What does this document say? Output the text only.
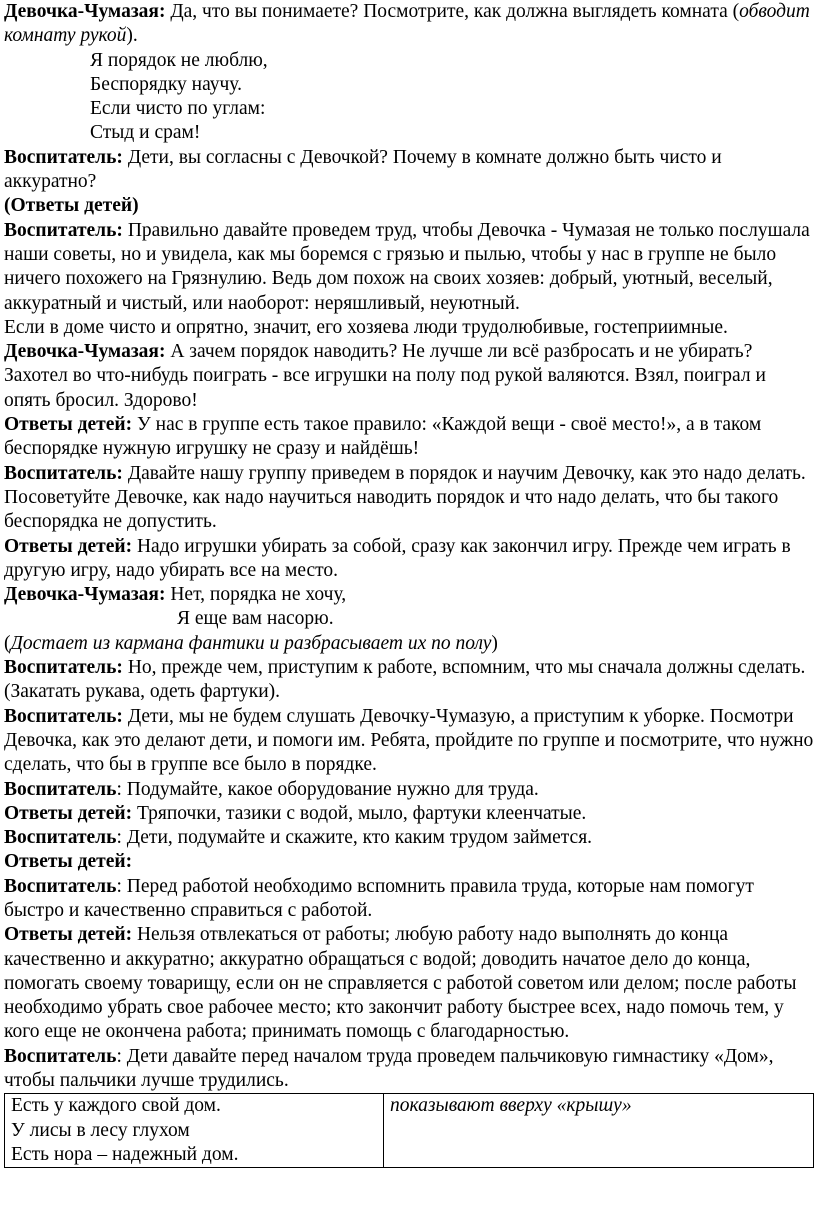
Девочка-Чумазая: Да, что вы понимаете? Посмотрите, как должна выглядеть комната (обводит комнату рукой).

Я порядок не люблю,

Беспорядку научу.

Если чисто по углам:

Стыд и срам!

Воспитатель: Дети, вы согласны с Девочкой? Почему в комнате должно быть чисто и аккуратно?

(Ответы детей)

Воспитатель: Правильно давайте проведем труд, чтобы Девочка - Чумазая не только послушала наши советы, но и увидела, как мы боремся с грязью и пылью, чтобы у нас в группе не было ничего похожего на Грязнулию. Ведь дом похож на своих хозяев: добрый, уютный, веселый, аккуратный и чистый, или наоборот: неряшливый, неуютный.

Если в доме чисто и опрятно, значит, его хозяева люди трудолюбивые, гостеприимные.

Девочка-Чумазая: А зачем порядок наводить? Не лучше ли всё разбросать и не убирать? Захотел во что-нибудь поиграть - все игрушки на полу под рукой валяются. Взял, поиграл и опять бросил. Здорово!

Ответы детей: У нас в группе есть такое правило: «Каждой вещи - своё место!», а в таком беспорядке нужную игрушку не сразу и найдёшь!

Воспитатель: Давайте нашу группу приведем в порядок и научим Девочку, как это надо делать. Посоветуйте Девочке, как надо научиться наводить порядок и что надо делать, что бы такого беспорядка не допустить.

Ответы детей: Надо игрушки убирать за собой, сразу как закончил игру. Прежде чем играть в другую игру, надо убирать все на место.

Девочка-Чумазая: Нет, порядка не хочу,

Я еще вам насорю.

(Достает из кармана фантики и разбрасывает их по полу)

Воспитатель: Но, прежде чем, приступим к работе, вспомним, что мы сначала должны сделать. (Закатать рукава, одеть фартуки).

Воспитатель: Дети, мы не будем слушать Девочку-Чумазую, а приступим к уборке. Посмотри Девочка, как это делают дети, и помоги им. Ребята, пройдите по группе и посмотрите, что нужно сделать, что бы в группе все было в порядке.

Воспитатель: Подумайте, какое оборудование нужно для труда.

Ответы детей: Тряпочки, тазики с водой, мыло, фартуки клеенчатые.

Воспитатель: Дети, подумайте и скажите, кто каким трудом займется.

Ответы детей:

Воспитатель: Перед работой необходимо вспомнить правила труда, которые нам помогут быстро и качественно справиться с работой.

Ответы детей: Нельзя отвлекаться от работы; любую работу надо выполнять до конца качественно и аккуратно; аккуратно обращаться с водой; доводить начатое дело до конца, помогать своему товарищу, если он не справляется с работой советом или делом; после работы необходимо убрать свое рабочее место; кто закончит работу быстрее всех, надо помочь тем, у кого еще не окончена работа; принимать помощь с благодарностью.

Воспитатель: Дети давайте перед началом труда проведем пальчиковую гимнастику «Дом», чтобы пальчики лучше трудились.

Есть у каждого свой дом.
У лисы в лесу глухом
Есть нора – надежный дом.
	показывают вверху «крышу»
